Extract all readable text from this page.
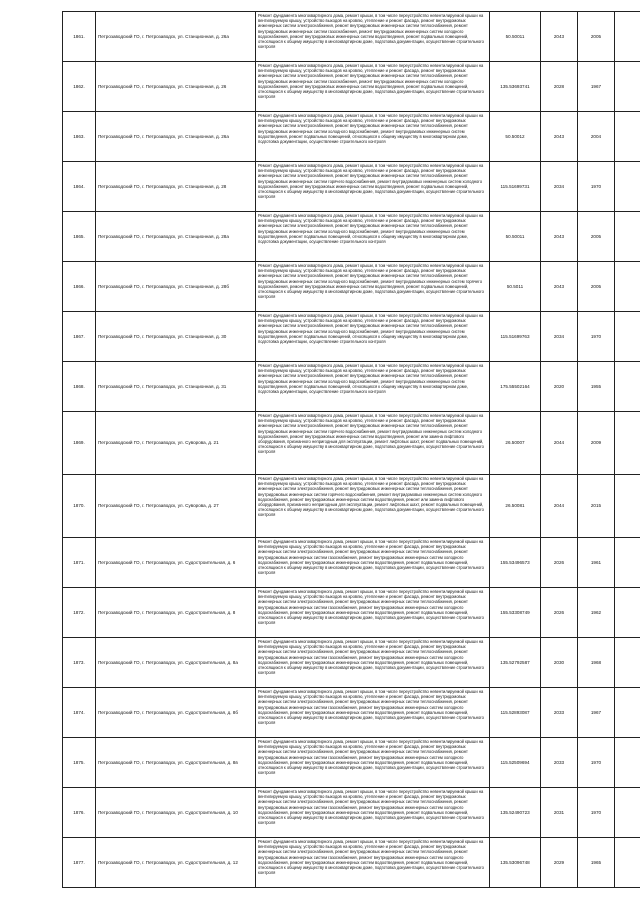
1861.	Петрозаводский ГО, г. Петрозаводск, ул. Станционная, д. 26а	Ремонт фундамента многоквартирного дома, ремонт крыши, в том числе переустройство невентилируемой крыши на вентилируемую крышу, устройство выходов на кровлю, утепление и ремонт фасада, ремонт внутридомовых инженерных систем электроснабжения, ремонт внутридомовых инженерных систем теплоснабжения, ремонт внутридомовых инженерных систем газоснабжения, ремонт внутридомовых инженерных систем холодного водоснабжения, ремонт внутридомовых инженерных систем водоотведения, ремонт подвальных помещений, относящихся к общему имуществу в многоквартирном доме, подготовка документации, осуществление строительного контроля	50.50011	2043	2005	
1862.	Петрозаводский ГО, г. Петрозаводск, ул. Станционная, д. 26	Ремонт фундамента многоквартирного дома, ремонт крыши, в том числе переустройство невентилируемой крыши на вентилируемую крышу, устройство выходов на кровлю, утепление и ремонт фасада, ремонт внутридомовых инженерных систем электроснабжения, ремонт внутридомовых инженерных систем теплоснабжения, ремонт внутридомовых инженерных систем газоснабжения, ремонт внутридомовых инженерных систем холодного водоснабжения, ремонт внутридомовых инженерных систем водоотведения, ремонт подвальных помещений, относящихся к общему имуществу в многоквартирном доме, подготовка документации, осуществление строительного контроля	135.53693741	2028	1967	
1863.	Петрозаводский ГО, г. Петрозаводск, ул. Станционная, д. 26а	Ремонт фундамента многоквартирного дома, ремонт крыши, в том числе переустройство невентилируемой крыши на вентилируемую крышу, устройство выходов на кровлю, утепление и ремонт фасада, ремонт внутридомовых инженерных систем электроснабжения, ремонт внутридомовых инженерных систем теплоснабжения, ремонт внутридомовых инженерных систем холодного водоснабжения, ремонт внутридомовых инженерных систем водоотведения, ремонт подвальных помещений, относящихся к общему имуществу в многоквартирном доме, подготовка документации, осуществление строительного контроля	50.50012	2043	2004	
1864.	Петрозаводский ГО, г. Петрозаводск, ул. Станционная, д. 28	Ремонт фундамента многоквартирного дома, ремонт крыши, в том числе переустройство невентилируемой крыши на вентилируемую крышу, устройство выходов на кровлю, утепление и ремонт фасада, ремонт внутридомовых инженерных систем электроснабжения, ремонт внутридомовых инженерных систем теплоснабжения, ремонт внутридомовых инженерных систем горячего водоснабжения, ремонт внутридомовых инженерных систем холодного водоснабжения, ремонт внутридомовых инженерных систем водоотведения, ремонт подвальных помещений, относящихся к общему имуществу в многоквартирном доме, подготовка документации, осуществление строительного контроля	115.51699731	2034	1970	
1865.	Петрозаводский ГО, г. Петрозаводск, ул. Станционная, д. 28а	Ремонт фундамента многоквартирного дома, ремонт крыши, в том числе переустройство невентилируемой крыши на вентилируемую крышу, устройство выходов на кровлю, утепление и ремонт фасада, ремонт внутридомовых инженерных систем электроснабжения, ремонт внутридомовых инженерных систем теплоснабжения, ремонт внутридомовых инженерных систем холодного водоснабжения, ремонт внутридомовых инженерных систем водоотведения, ремонт подвальных помещений, относящихся к общему имуществу в многоквартирном доме, подготовка документации, осуществление строительного контроля	50.50011	2043	2005	
1866.	Петрозаводский ГО, г. Петрозаводск, ул. Станционная, д. 28б	Ремонт фундамента многоквартирного дома, ремонт крыши, в том числе переустройство невентилируемой крыши на вентилируемую крышу, устройство выходов на кровлю, утепление и ремонт фасада, ремонт внутридомовых инженерных систем электроснабжения, ремонт внутридомовых инженерных систем теплоснабжения, ремонт внутридомовых инженерных систем холодного водоснабжения, ремонт внутридомовых инженерных систем горячего водоснабжения, ремонт внутридомовых инженерных систем водоотведения, ремонт подвальных помещений, относящихся к общему имуществу в многоквартирном доме, подготовка документации, осуществление строительного контроля	50.5011	2043	2005	
1867.	Петрозаводский ГО, г. Петрозаводск, ул. Станционная, д. 30	Ремонт фундамента многоквартирного дома, ремонт крыши, в том числе переустройство невентилируемой крыши на вентилируемую крышу, устройство выходов на кровлю, утепление и ремонт фасада, ремонт внутридомовых инженерных систем электроснабжения, ремонт внутридомовых инженерных систем теплоснабжения, ремонт внутридомовых инженерных систем холодного водоснабжения, ремонт внутридомовых инженерных систем водоотведения, ремонт подвальных помещений, относящихся к общему имуществу в многоквартирном доме, подготовка документации, осуществление строительного контроля	115.51699763	2034	1970	
1868.	Петрозаводский ГО, г. Петрозаводск, ул. Станционная, д. 31	Ремонт фундамента многоквартирного дома, ремонт крыши, в том числе переустройство невентилируемой крыши на вентилируемую крышу, устройство выходов на кровлю, утепление и ремонт фасада, ремонт внутридомовых инженерных систем электроснабжения, ремонт внутридомовых инженерных систем теплоснабжения, ремонт внутридомовых инженерных систем холодного водоснабжения, ремонт внутридомовых инженерных систем водоотведения, ремонт подвальных помещений, относящихся к общему имуществу в многоквартирном доме, подготовка документации, осуществление строительного контроля	175.55502164	2020	1955	
1869.	Петрозаводский ГО, г. Петрозаводск, ул. Суворова, д. 21	Ремонт фундамента многоквартирного дома, ремонт крыши, в том числе переустройство невентилируемой крыши на вентилируемую крышу, устройство выходов на кровлю, утепление и ремонт фасада, ремонт внутридомовых инженерных систем электроснабжения, ремонт внутридомовых инженерных систем теплоснабжения, ремонт внутридомовых инженерных систем горячего водоснабжения, ремонт внутридомовых инженерных систем холодного водоснабжения, ремонт внутридомовых инженерных систем водоотведения, ремонт или замена лифтового оборудования, признанного непригодным для эксплуатации, ремонт лифтовых шахт, ремонт подвальных помещений, относящихся к общему имуществу в многоквартирном доме, подготовка документации, осуществление строительного контроля	26.50007	2044	2009	
1870.	Петрозаводский ГО, г. Петрозаводск, ул. Суворова, д. 27	Ремонт фундамента многоквартирного дома, ремонт крыши, в том числе переустройство невентилируемой крыши на вентилируемую крышу, устройство выходов на кровлю, утепление и ремонт фасада, ремонт внутридомовых инженерных систем электроснабжения, ремонт внутридомовых инженерных систем теплоснабжения, ремонт внутридомовых инженерных систем горячего водоснабжения, ремонт внутридомовых инженерных систем холодного водоснабжения, ремонт внутридомовых инженерных систем водоотведения, ремонт или замена лифтового оборудования, признанного непригодным для эксплуатации, ремонт лифтовых шахт, ремонт подвальных помещений, относящихся к общему имуществу в многоквартирном доме, подготовка документации, осуществление строительного контроля	26.50081	2044	2015	
1871.	Петрозаводский ГО, г. Петрозаводск, ул. Судостроительная, д. 6	Ремонт фундамента многоквартирного дома, ремонт крыши, в том числе переустройство невентилируемой крыши на вентилируемую крышу, устройство выходов на кровлю, утепление и ремонт фасада, ремонт внутридомовых инженерных систем электроснабжения, ремонт внутридомовых инженерных систем теплоснабжения, ремонт внутридомовых инженерных систем газоснабжения, ремонт внутридомовых инженерных систем холодного водоснабжения, ремонт внутридомовых инженерных систем водоотведения, ремонт подвальных помещений, относящихся к общему имуществу в многоквартирном доме, подготовка документации, осуществление строительного контроля	155.53496573	2026	1961	
1872.	Петрозаводский ГО, г. Петрозаводск, ул. Судостроительная, д. 8	Ремонт фундамента многоквартирного дома, ремонт крыши, в том числе переустройство невентилируемой крыши на вентилируемую крышу, устройство выходов на кровлю, утепление и ремонт фасада, ремонт внутридомовых инженерных систем электроснабжения, ремонт внутридомовых инженерных систем теплоснабжения, ремонт внутридомовых инженерных систем газоснабжения, ремонт внутридомовых инженерных систем холодного водоснабжения, ремонт внутридомовых инженерных систем водоотведения, ремонт подвальных помещений, относящихся к общему имуществу в многоквартирном доме, подготовка документации, осуществление строительного контроля	155.53308749	2026	1962	
1873.	Петрозаводский ГО, г. Петрозаводск, ул. Судостроительная, д. 8а	Ремонт фундамента многоквартирного дома, ремонт крыши, в том числе переустройство невентилируемой крыши на вентилируемую крышу, устройство выходов на кровлю, утепление и ремонт фасада, ремонт внутридомовых инженерных систем электроснабжения, ремонт внутридомовых инженерных систем теплоснабжения, ремонт внутридомовых инженерных систем газоснабжения, ремонт внутридомовых инженерных систем холодного водоснабжения, ремонт внутридомовых инженерных систем водоотведения, ремонт подвальных помещений, относящихся к общему имуществу в многоквартирном доме, подготовка документации, осуществление строительного контроля	135.52792587	2030	1968	
1874.	Петрозаводский ГО, г. Петрозаводск, ул. Судостроительная, д. 8б	Ремонт фундамента многоквартирного дома, ремонт крыши, в том числе переустройство невентилируемой крыши на вентилируемую крышу, устройство выходов на кровлю, утепление и ремонт фасада, ремонт внутридомовых инженерных систем электроснабжения, ремонт внутридомовых инженерных систем теплоснабжения, ремонт внутридомовых инженерных систем газоснабжения, ремонт внутридомовых инженерных систем холодного водоснабжения, ремонт внутридомовых инженерных систем водоотведения, ремонт подвальных помещений, относящихся к общему имуществу в многоквартирном доме, подготовка документации, осуществление строительного контроля	115.52893087	2033	1967	
1875.	Петрозаводский ГО, г. Петрозаводск, ул. Судостроительная, д. 8в	Ремонт фундамента многоквартирного дома, ремонт крыши, в том числе переустройство невентилируемой крыши на вентилируемую крышу, устройство выходов на кровлю, утепление и ремонт фасада, ремонт внутридомовых инженерных систем электроснабжения, ремонт внутридомовых инженерных систем теплоснабжения, ремонт внутридомовых инженерных систем газоснабжения, ремонт внутридомовых инженерных систем холодного водоснабжения, ремонт внутридомовых инженерных систем водоотведения, ремонт подвальных помещений, относящихся к общему имуществу в многоквартирном доме, подготовка документации, осуществление строительного контроля	115.52509694	2033	1970	
1876.	Петрозаводский ГО, г. Петрозаводск, ул. Судостроительная, д. 10	Ремонт фундамента многоквартирного дома, ремонт крыши, в том числе переустройство невентилируемой крыши на вентилируемую крышу, устройство выходов на кровлю, утепление и ремонт фасада, ремонт внутридомовых инженерных систем электроснабжения, ремонт внутридомовых инженерных систем теплоснабжения, ремонт внутридомовых инженерных систем газоснабжения, ремонт внутридомовых инженерных систем холодного водоснабжения, ремонт внутридомовых инженерных систем водоотведения, ремонт подвальных помещений, относящихся к общему имуществу в многоквартирном доме, подготовка документации, осуществление строительного контроля	135.52490723	2031	1970	
1877.	Петрозаводский ГО, г. Петрозаводск, ул. Судостроительная, д. 12	Ремонт фундамента многоквартирного дома, ремонт крыши, в том числе переустройство невентилируемой крыши на вентилируемую крышу, устройство выходов на кровлю, утепление и ремонт фасада, ремонт внутридомовых инженерных систем электроснабжения, ремонт внутридомовых инженерных систем теплоснабжения, ремонт внутридомовых инженерных систем газоснабжения, ремонт внутридомовых инженерных систем холодного водоснабжения, ремонт внутридомовых инженерных систем водоотведения, ремонт подвальных помещений, относящихся к общему имуществу в многоквартирном доме, подготовка документации, осуществление строительного контроля	135.53096748	2029	1965	
